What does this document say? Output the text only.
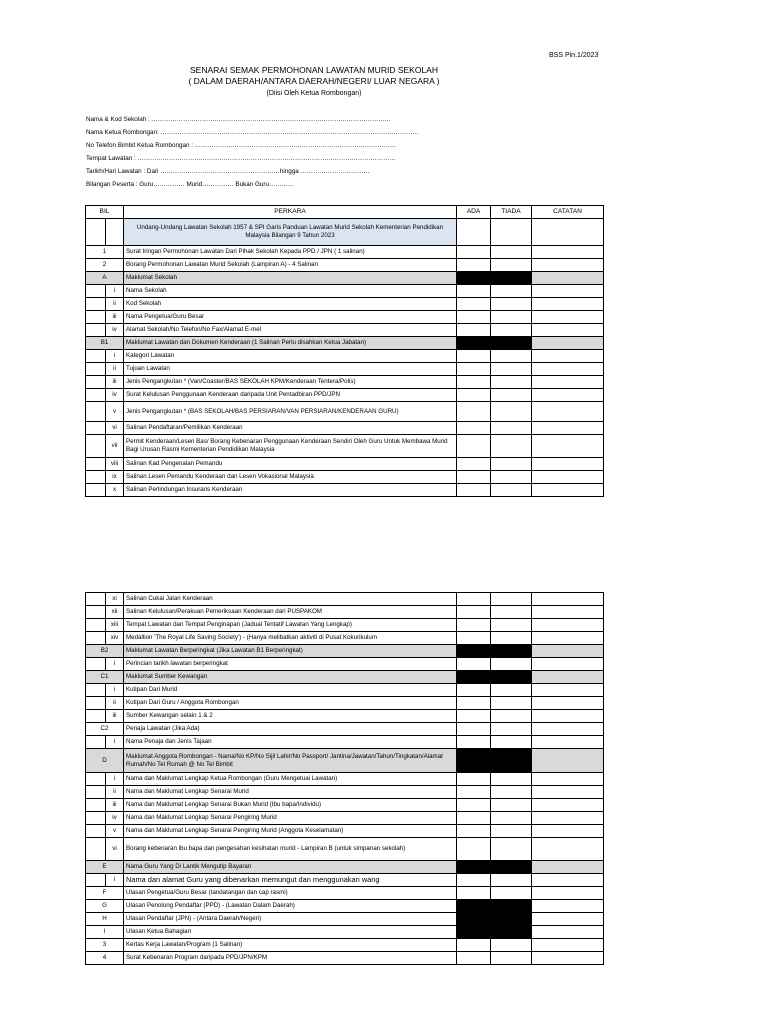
BSS Pin.1/2023
SENARAI SEMAK PERMOHONAN LAWATAN MURID SEKOLAH
( DALAM DAERAH/ANTARA DAERAH/NEGERI/ LUAR NEGARA )
(Diisi Oleh Ketua Rombongan)
Nama & Kod Sekolah : ……………………………………………………………………………………………………
Nama Ketua Rombongan: ……………………………………………………………………………………………………………
No Telefon Bimbit Ketua Rombongan : ……………………………………………………………………………………
Tempat Lawatan : ……………………………………………………………………………………………………………
Tarikh/Hari Lawatan : Dari …………………………………………………hingga ……………………………
Bilangan Peserta : Guru…………… Murid…………… Bukan Guru…………
BIL		PERKARA	ADA	TIADA	CATATAN
		Undang-Undang Lawatan Sekolah 1957 & SPI Garis Panduan Lawatan Murid Sekolah Kementerian Pendidikan Malaysia Bilangan 9 Tahun 2023			
1		Surat Iringan Permohonan Lawatan Dari Pihak Sekolah Kepada PPD / JPN ( 1 salinan)			
2		Borang Permohonan Lawatan Murid Sekolah (Lampiran A) - 4 Salinan			
A		Maklumat Sekolah			
	i	Nama Sekolah			
	ii	Kod Sekolah			
	iii	Nama Pengetua/Guru Besar			
	iv	Alamat Sekolah/No Telefon/No Fax/Alamat E-mel			
B1		Maklumat Lawatan dan Dokumen Kenderaan (1 Salinan Perlu disahkan Ketua Jabatan)			
	i	Kategori Lawatan			
	ii	Tujuan Lawatan			
	iii	Jenis Pengangkutan * (Van/Coaster/BAS SEKOLAH KPM/Kenderaan Tentera/Polis)			
	iv	Surat Kelulusan Penggunaan Kenderaan daripada Unit Pentadbiran PPD/JPN			
	v	Jenis Pengangkutan * (BAS SEKOLAH/BAS PERSIARAN/VAN PERSIARAN/KENDERAAN GURU)			
	vi	Salinan Pendaftaran/Pemilikan Kenderaan			
	vii	Permit Kenderaan/Lesen Bas/ Borang Kebenaran Penggunaan Kenderaan Sendiri Oleh Guru Untuk Membawa Murid Bagi Urusan Rasmi Kementerian Pendidikan Malaysia			
	viii	Salinan Kad Pengenalan Pemandu			
	ix	Salinan Lesen Pemandu Kenderaan dan Lesen Vokasional Malaysia			
	x	Salinan Perlindungan Insurans Kenderaan			
	xi	Salinan Cukai Jalan Kenderaan			
	xii	Salinan Kelulusan/Perakuan Pemeriksaan Kenderaan dari PUSPAKOM			
	xiii	Tempat Lawatan dan Tempat Penginapan (Jadual Tentatif Lawatan Yang Lengkap)			
	xiv	Medallion 'The Royal Life Saving Society') - (Hanya melibatkan aktiviti di Pusat Kokurikulum			
B2		Maklumat Lawatan Berperingkat (Jika Lawatan B1 Berperingkat)			
	i	Perincian tarikh lawatan berperingkat			
C1		Maklumat Sumber Kewangan			
	i	Kutipan Dari Murid			
	ii	Kutipan Dari Guru / Anggota Rombongan			
	iii	Sumber Kewangan selain 1 & 2			
C2		Penaja Lawatan (Jika Ada)			
	i	Nama Penaja dan Jenis Tajaan			
D		Maklumat Anggota Rombongan - Nama/No KP/No Sijil Lahir/No Passport/ Jantina/Jawatan/Tahun/Tingkatan/Alamat Rumah/No Tel Rumah @ No Tel Bimbit			
	i	Nama dan Maklumat Lengkap Ketua Rombongan (Guru Mengetuai Lawatan)			
	ii	Nama dan Maklumat Lengkap Senarai Murid			
	iii	Nama dan Maklumat Lengkap Senarai Bukan Murid (Ibu bapa/Individu)			
	iv	Nama dan Maklumat Lengkap Senarai Pengiring Murid			
	v	Nama dan Maklumat Lengkap Senarai Pengiring Murid (Anggota Keselamatan)			
	vi	Borang kebenaran ibu bapa dan pengesahan kesihatan murid - Lampiran B (untuk simpanan sekolah)			
E		Nama Guru Yang Di Lantik Mengutip Bayaran			
	i	Nama dan alamat Guru yang dibenarkan memungut dan menggunakan wang			
F		Ulasan Pengetua/Guru Besar (tandatangan dan cap rasmi)			
G		Ulasan Penolong Pendaftar (PPD) - (Lawatan Dalam Daerah)			
H		Ulasan Pendaftar (JPN) - (Antara Daerah/Negeri)			
I		Ulasan Ketua Bahagian			
3		Kertas Kerja Lawatan/Program (1 Salinan)			
4		Surat Kebenaran Program daripada PPD/JPN/KPM			
